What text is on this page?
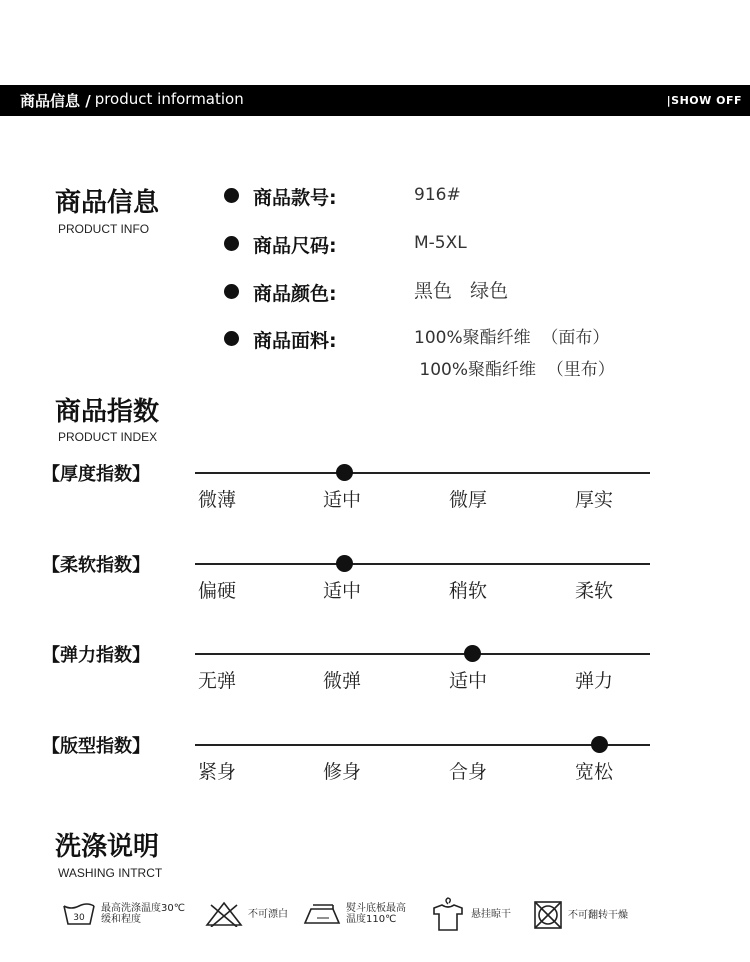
商品信息 / product information	|SHOW OFF
商品信息
PRODUCT INFO
商品款号:	916#
商品尺码:	M-5XL
商品颜色:	黑色   绿色
商品面料:	100%聚酯纤维  （面布）
100%聚酯纤维  （里布）
商品指数
PRODUCT INDEX
【厚度指数】
微薄	适中	微厚	厚实
【柔软指数】
偏硬	适中	稍软	柔软
【弹力指数】
无弹	微弹	适中	弹力
【版型指数】
紧身	修身	合身	宽松
洗涤说明
WASHING INTRCT
30
最高洗涤温度30℃
缓和程度	不可漂白	熨斗底板最高
温度110℃	悬挂晾干	不可翻转干燥
